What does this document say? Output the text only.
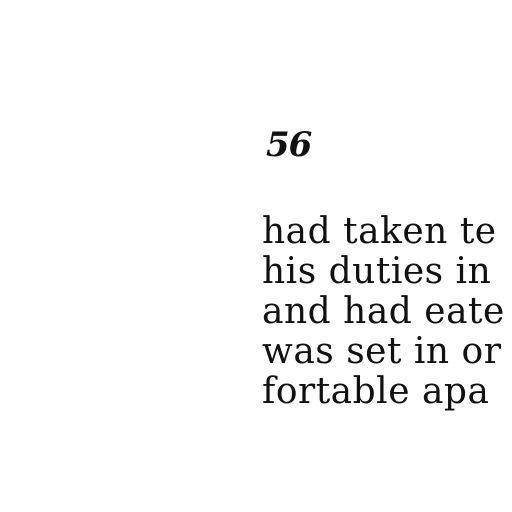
56
had taken te
his duties in
and had eate
was set in or
fortable apa
